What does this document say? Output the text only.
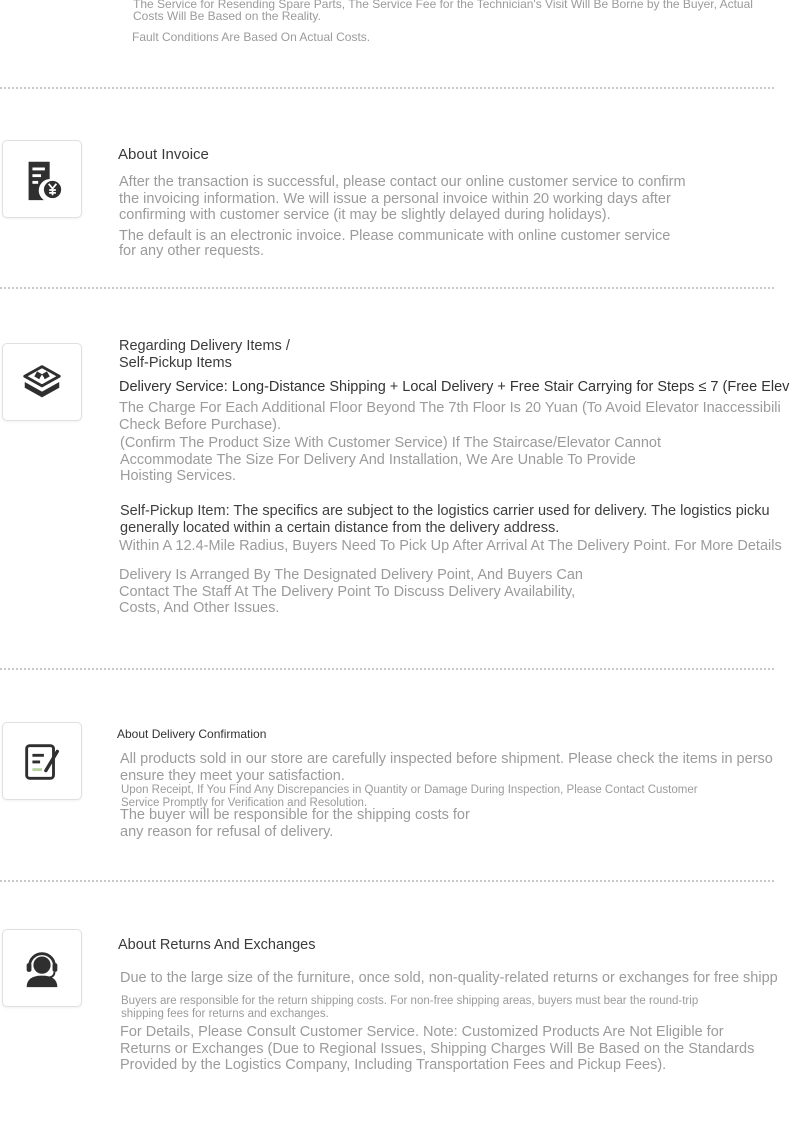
The Service for Resending Spare Parts, The Service Fee for the Technician's Visit Will Be Borne by the Buyer, Actual
Costs Will Be Based on the Reality.
Fault Conditions Are Based On Actual Costs.
About Invoice
After the transaction is successful, please contact our online customer service to confirm
the invoicing information. We will issue a personal invoice within 20 working days after
confirming with customer service (it may be slightly delayed during holidays).
The default is an electronic invoice. Please communicate with online customer service
for any other requests.
Regarding Delivery Items /
Self-Pickup Items
Delivery Service: Long-Distance Shipping + Local Delivery + Free Stair Carrying for Steps ≤ 7 (Free Elev
The Charge For Each Additional Floor Beyond The 7th Floor Is 20 Yuan (To Avoid Elevator Inaccessibili
Check Before Purchase).
(Confirm The Product Size With Customer Service) If The Staircase/Elevator Cannot
Accommodate The Size For Delivery And Installation, We Are Unable To Provide
Hoisting Services.
Self-Pickup Item: The specifics are subject to the logistics carrier used for delivery. The logistics picku
generally located within a certain distance from the delivery address.
Within A 12.4-Mile Radius, Buyers Need To Pick Up After Arrival At The Delivery Point. For More Details
Delivery Is Arranged By The Designated Delivery Point, And Buyers Can
Contact The Staff At The Delivery Point To Discuss Delivery Availability,
Costs, And Other Issues.
About Delivery Confirmation
All products sold in our store are carefully inspected before shipment. Please check the items in perso
ensure they meet your satisfaction.
Upon Receipt, If You Find Any Discrepancies in Quantity or Damage During Inspection, Please Contact Customer
Service Promptly for Verification and Resolution.
The buyer will be responsible for the shipping costs for
any reason for refusal of delivery.
About Returns And Exchanges
Due to the large size of the furniture, once sold, non-quality-related returns or exchanges for free shipp
Buyers are responsible for the return shipping costs. For non-free shipping areas, buyers must bear the round-trip
shipping fees for returns and exchanges.
For Details, Please Consult Customer Service. Note: Customized Products Are Not Eligible for
Returns or Exchanges (Due to Regional Issues, Shipping Charges Will Be Based on the Standards
Provided by the Logistics Company, Including Transportation Fees and Pickup Fees).
